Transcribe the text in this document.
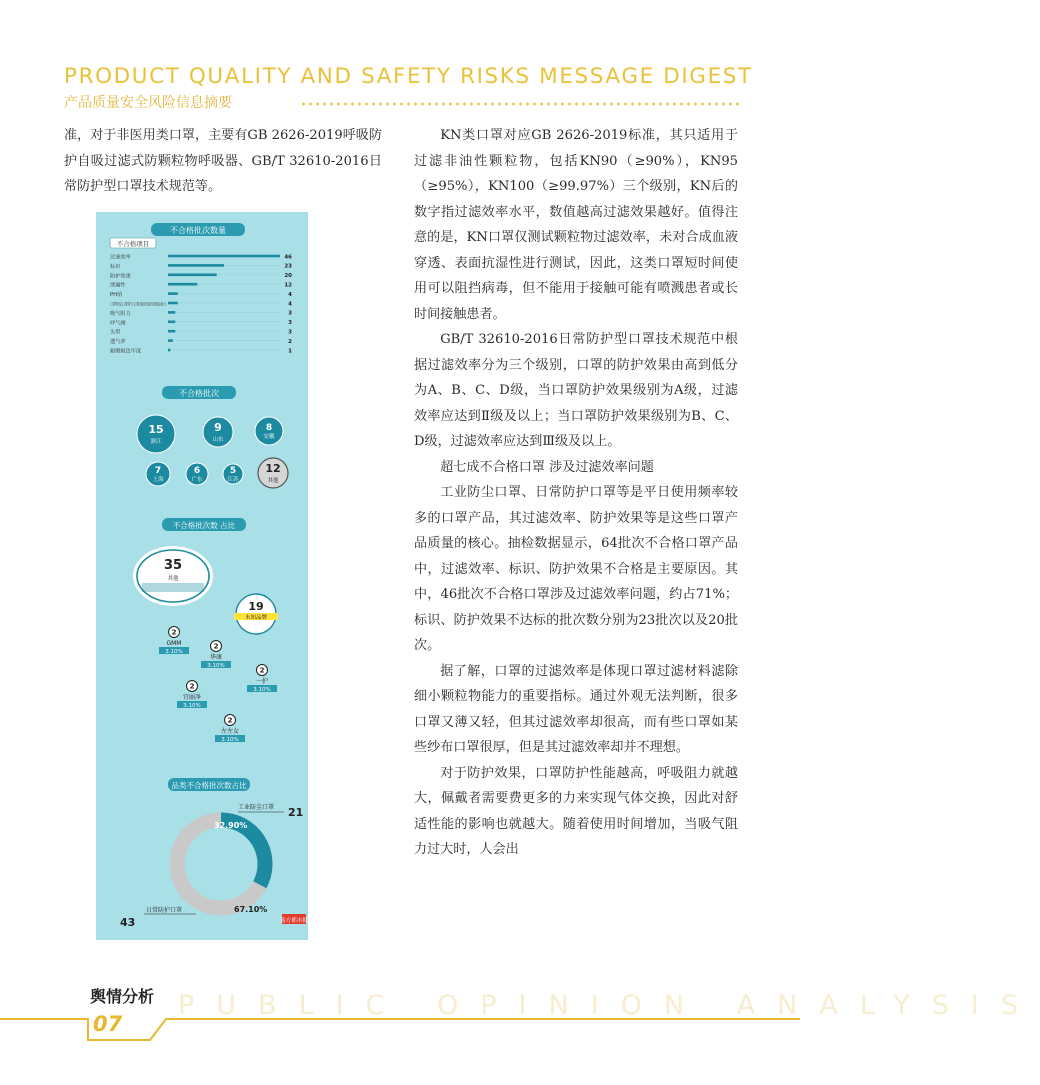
PRODUCT QUALITY AND SAFETY RISKS MESSAGE DIGEST
产品质量安全风险信息摘要

准，对于非医用类口罩，主要有GB 2626-2019呼吸防护自吸过滤式防颗粒物呼吸器、GB/T 32610-2016日常防护型口罩技术规范等。

不合格批次数量
不合格项目
过滤效率	46
标识	23
防护效果	20
泄漏性	12
PH值	4
口罩带及口罩带与口罩体的连接处断裂强力	4
吸气阻力	3
呼气阀	3
头带	3
透气率	2
耐磨损色牢度	1
不合格批次
15
浙江
9
山东
8
安徽
7
上海
6
广东
5
江苏
12
其他
不合格批次数 占比
35
其他
54.80%
19
未知品牌
29.70%
2
GMM
3.10%
2
华康
3.10%
2
一护
3.10%
2
宜丽净
3.10%
2
左左女
3.10%
品类不合格批次数占比
32.90%
67.10%
工业防尘口罩 21
日常防护口罩
43	南方都市报

KN类口罩对应GB 2626-2019标准，其只适用于过滤非油性颗粒物，包括KN90（≥90%），KN95（≥95%），KN100（≥99.97%）三个级别，KN后的数字指过滤效率水平，数值越高过滤效果越好。值得注意的是，KN口罩仅测试颗粒物过滤效率，未对合成血液穿透、表面抗湿性进行测试，因此，这类口罩短时间使用可以阻挡病毒，但不能用于接触可能有喷溅患者或长时间接触患者。

GB/T 32610-2016日常防护型口罩技术规范中根据过滤效率分为三个级别，口罩的防护效果由高到低分为A、B、C、D级，当口罩防护效果级别为A级，过滤效率应达到Ⅱ级及以上；当口罩防护效果级别为B、C、D级，过滤效率应达到Ⅲ级及以上。

超七成不合格口罩 涉及过滤效率问题

工业防尘口罩、日常防护口罩等是平日使用频率较多的口罩产品，其过滤效率、防护效果等是这些口罩产品质量的核心。抽检数据显示，64批次不合格口罩产品中，过滤效率、标识、防护效果不合格是主要原因。其中，46批次不合格口罩涉及过滤效率问题，约占71%；标识、防护效果不达标的批次数分别为23批次以及20批次。

据了解，口罩的过滤效率是体现口罩过滤材料滤除细小颗粒物能力的重要指标。通过外观无法判断，很多口罩又薄又轻，但其过滤效率却很高，而有些口罩如某些纱布口罩很厚，但是其过滤效率却并不理想。

对于防护效果，口罩防护性能越高，呼吸阻力就越大，佩戴者需要费更多的力来实现气体交换，因此对舒适性能的影响也就越大。随着使用时间增加，当吸气阻力过大时，人会出

舆情分析 PUBLIC OPINION ANALYSIS
07
